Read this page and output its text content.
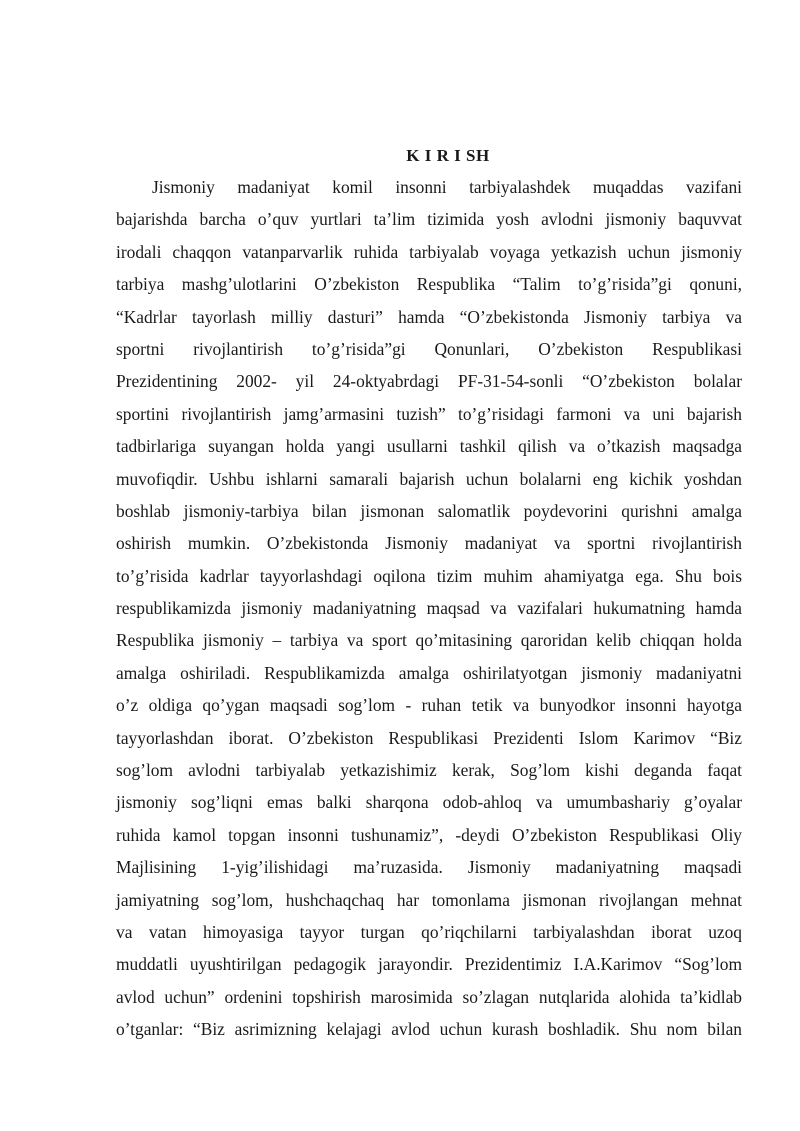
K I R I SH
Jismoniy madaniyat komil insonni tarbiyalashdek muqaddas vazifani
bajarishda barcha o’quv yurtlari ta’lim tizimida yosh avlodni jismoniy baquvvat
irodali chaqqon vatanparvarlik ruhida tarbiyalab voyaga yetkazish uchun jismoniy
tarbiya mashg’ulotlarini O’zbekiston Respublika “Talim to’g’risida”gi qonuni,
“Kadrlar tayorlash milliy dasturi” hamda “O’zbekistonda Jismoniy tarbiya va
sportni rivojlantirish to’g’risida”gi Qonunlari, O’zbekiston Respublikasi
Prezidentining 2002- yil 24-oktyabrdagi PF-31-54-sonli “O’zbekiston bolalar
sportini rivojlantirish jamg’armasini tuzish” to’g’risidagi farmoni va uni bajarish
tadbirlariga suyangan holda yangi usullarni tashkil qilish va o’tkazish maqsadga
muvofiqdir. Ushbu ishlarni samarali bajarish uchun bolalarni eng kichik yoshdan
boshlab jismoniy-tarbiya bilan jismonan salomatlik poydevorini qurishni amalga
oshirish mumkin. O’zbekistonda Jismoniy madaniyat va sportni rivojlantirish
to’g’risida kadrlar tayyorlashdagi oqilona tizim muhim ahamiyatga ega. Shu bois
respublikamizda jismoniy madaniyatning maqsad va vazifalari hukumatning hamda
Respublika jismoniy – tarbiya va sport qo’mitasining qaroridan kelib chiqqan holda
amalga oshiriladi. Respublikamizda amalga oshirilatyotgan jismoniy madaniyatni
o’z oldiga qo’ygan maqsadi sog’lom - ruhan tetik va bunyodkor insonni hayotga
tayyorlashdan iborat. O’zbekiston Respublikasi Prezidenti Islom Karimov “Biz
sog’lom avlodni tarbiyalab yetkazishimiz kerak, Sog’lom kishi deganda faqat
jismoniy sog’liqni emas balki sharqona odob-ahloq va umumbashariy g’oyalar
ruhida kamol topgan insonni tushunamiz”, -deydi O’zbekiston Respublikasi Oliy
Majlisining 1-yig’ilishidagi ma’ruzasida. Jismoniy madaniyatning maqsadi
jamiyatning sog’lom, hushchaqchaq har tomonlama jismonan rivojlangan mehnat
va vatan himoyasiga tayyor turgan qo’riqchilarni tarbiyalashdan iborat uzoq
muddatli uyushtirilgan pedagogik jarayondir. Prezidentimiz I.A.Karimov “Sog’lom
avlod uchun” ordenini topshirish marosimida so’zlagan nutqlarida alohida ta’kidlab
o’tganlar: “Biz asrimizning kelajagi avlod uchun kurash boshladik. Shu nom bilan
